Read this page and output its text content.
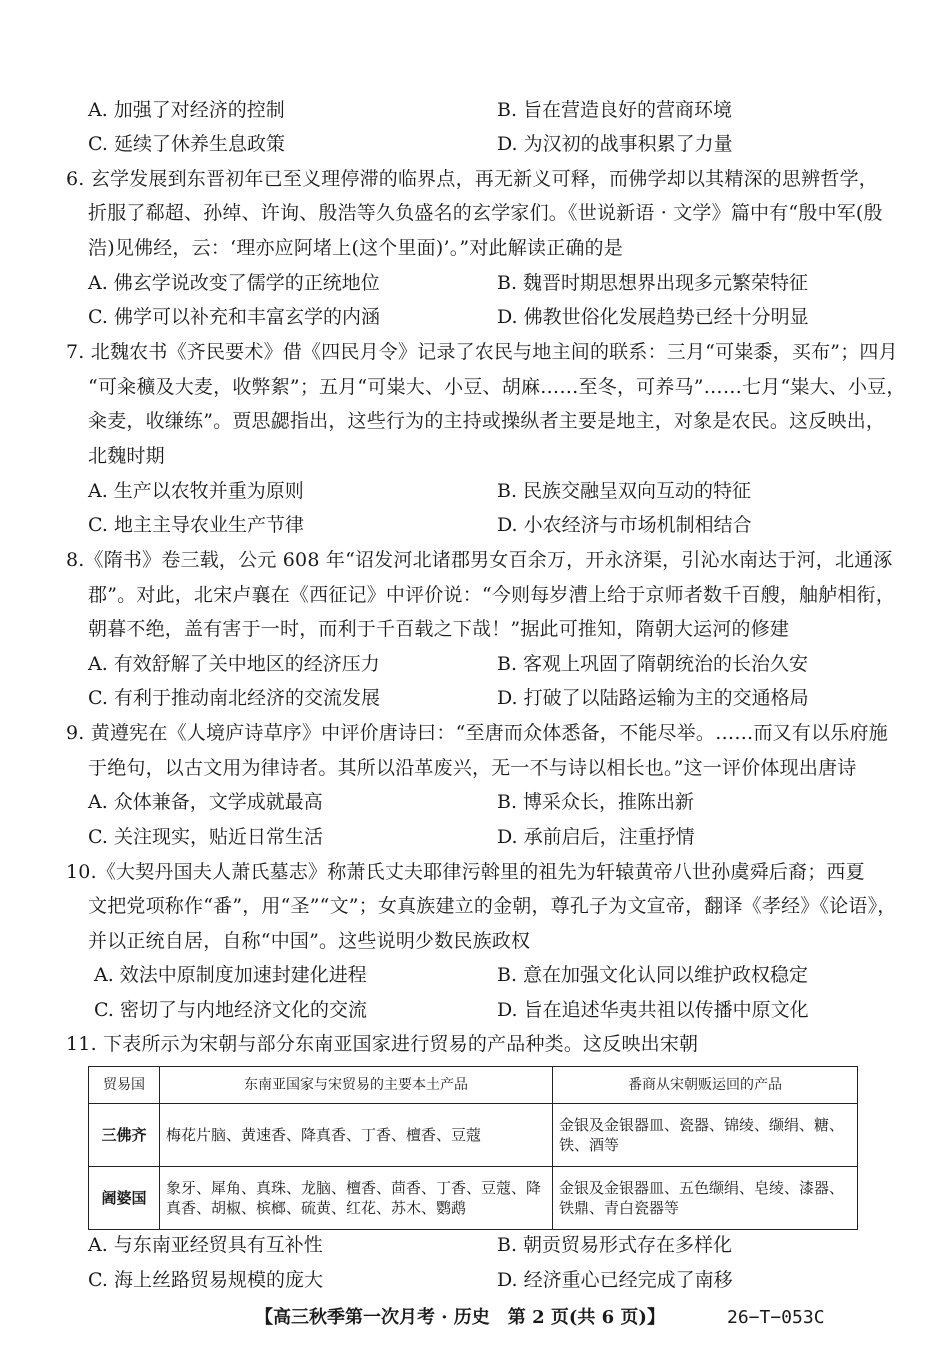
A. 加强了对经济的控制	B. 旨在营造良好的营商环境
C. 延续了休养生息政策	D. 为汉初的战事积累了力量
6. 玄学发展到东晋初年已至义理停滞的临界点，再无新义可释，而佛学却以其精深的思辨哲学，
折服了郗超、孙绰、许询、殷浩等久负盛名的玄学家们。《世说新语 · 文学》篇中有“殷中军(殷
浩)见佛经，云：‘理亦应阿堵上(这个里面)’。”对此解读正确的是
A. 佛玄学说改变了儒学的正统地位	B. 魏晋时期思想界出现多元繁荣特征
C. 佛学可以补充和丰富玄学的内涵	D. 佛教世俗化发展趋势已经十分明显
7. 北魏农书《齐民要术》借《四民月令》记录了农民与地主间的联系：三月“可粜黍，买布”；四月
“可籴穬及大麦，收弊絮”；五月“可粜大、小豆、胡麻……至冬，可养马”……七月“粜大、小豆，
籴麦，收缣练”。贾思勰指出，这些行为的主持或操纵者主要是地主，对象是农民。这反映出，
北魏时期
A. 生产以农牧并重为原则	B. 民族交融呈双向互动的特征
C. 地主主导农业生产节律	D. 小农经济与市场机制相结合
8.《隋书》卷三载，公元 608 年“诏发河北诸郡男女百余万，开永济渠，引沁水南达于河，北通涿
郡”。对此，北宋卢襄在《西征记》中评价说：“今则每岁漕上给于京师者数千百艘，舳舻相衔，
朝暮不绝，盖有害于一时，而利于千百载之下哉！”据此可推知，隋朝大运河的修建
A. 有效舒解了关中地区的经济压力	B. 客观上巩固了隋朝统治的长治久安
C. 有利于推动南北经济的交流发展	D. 打破了以陆路运输为主的交通格局
9. 黄遵宪在《人境庐诗草序》中评价唐诗曰：“至唐而众体悉备，不能尽举。……而又有以乐府施
于绝句，以古文用为律诗者。其所以沿革废兴，无一不与诗以相长也。”这一评价体现出唐诗
A. 众体兼备，文学成就最高	B. 博采众长，推陈出新
C. 关注现实，贴近日常生活	D. 承前启后，注重抒情
10.《大契丹国夫人萧氏墓志》称萧氏丈夫耶律污斡里的祖先为轩辕黄帝八世孙虞舜后裔；西夏
文把党项称作“番”，用“圣”“文”；女真族建立的金朝，尊孔子为文宣帝，翻译《孝经》《论语》，
并以正统自居，自称“中国”。这些说明少数民族政权
A. 效法中原制度加速封建化进程	B. 意在加强文化认同以维护政权稳定
C. 密切了与内地经济文化的交流	D. 旨在追述华夷共祖以传播中原文化
11. 下表所示为宋朝与部分东南亚国家进行贸易的产品种类。这反映出宋朝
贸易国	东南亚国家与宋贸易的主要本土产品	番商从宋朝贩运回的产品
三佛齐	梅花片脑、黄速香、降真香、丁香、檀香、豆蔻	金银及金银器皿、瓷器、锦绫、缬绢、糖、铁、酒等
阇婆国	象牙、犀角、真珠、龙脑、檀香、茴香、丁香、豆蔻、降真香、胡椒、槟榔、硫黄、红花、苏木、鹦鹉	金银及金银器皿、五色缬绢、皂绫、漆器、铁鼎、青白瓷器等
A. 与东南亚经贸具有互补性	B. 朝贡贸易形式存在多样化
C. 海上丝路贸易规模的庞大	D. 经济重心已经完成了南移
【高三秋季第一次月考 · 历史　第 2 页(共 6 页)】	26−T−053C
